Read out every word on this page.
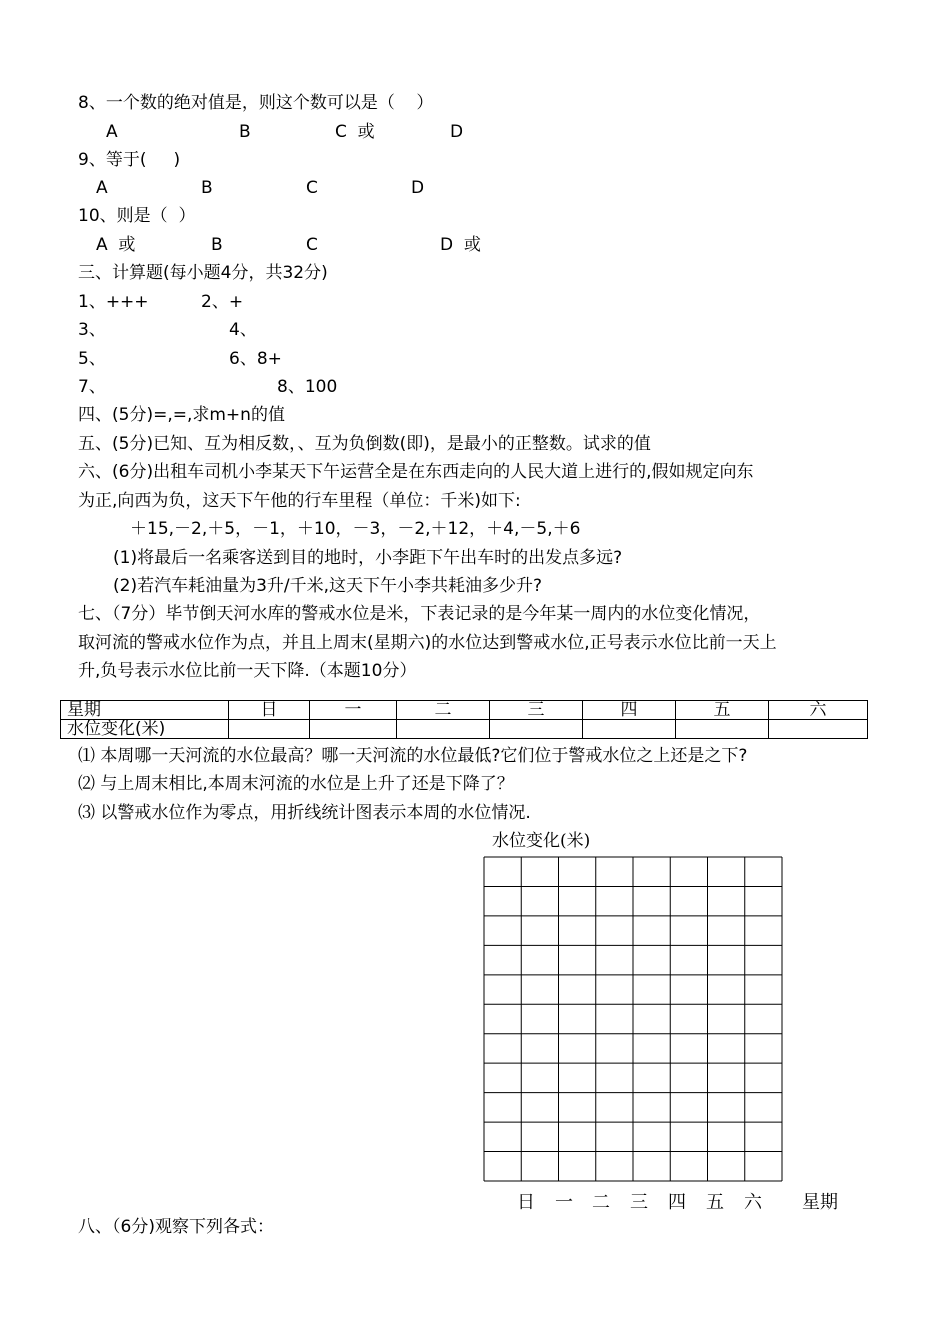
8、一个数的绝对值是，则这个数可以是（    ）
A	B	C  或	D
9、等于(     )
A	B	C	D
10、则是（  ）
A  或	B	C	D  或
三、计算题(每小题4分，共32分)
1、+++	2、+
3、	4、
5、	6、8+
7、	8、100
四、(5分)=,=,求m+n的值
五、(5分)已知、互为相反数，、互为负倒数(即)，是最小的正整数。试求的值
六、(6分)出租车司机小李某天下午运营全是在东西走向的人民大道上进行的,假如规定向东
为正,向西为负，这天下午他的行车里程（单位：千米)如下:
＋15,－2,＋5，－1，＋10，－3，－2,＋12，＋4,－5,＋6
(1)将最后一名乘客送到目的地时，小李距下午出车时的出发点多远?
(2)若汽车耗油量为3升/千米,这天下午小李共耗油多少升?
七、（7分）毕节倒天河水库的警戒水位是米，下表记录的是今年某一周内的水位变化情况，
取河流的警戒水位作为点，并且上周末(星期六)的水位达到警戒水位,正号表示水位比前一天上
升,负号表示水位比前一天下降.（本题10分）
星期	日	一	二	三	四	五	六
水位变化(米)							
⑴ 本周哪一天河流的水位最高？哪一天河流的水位最低?它们位于警戒水位之上还是之下?
⑵ 与上周末相比,本周末河流的水位是上升了还是下降了？
⑶ 以警戒水位作为零点，用折线统计图表示本周的水位情况.
水位变化(米)
日 一 二 三 四 五 六 星期
八、（6分)观察下列各式：
